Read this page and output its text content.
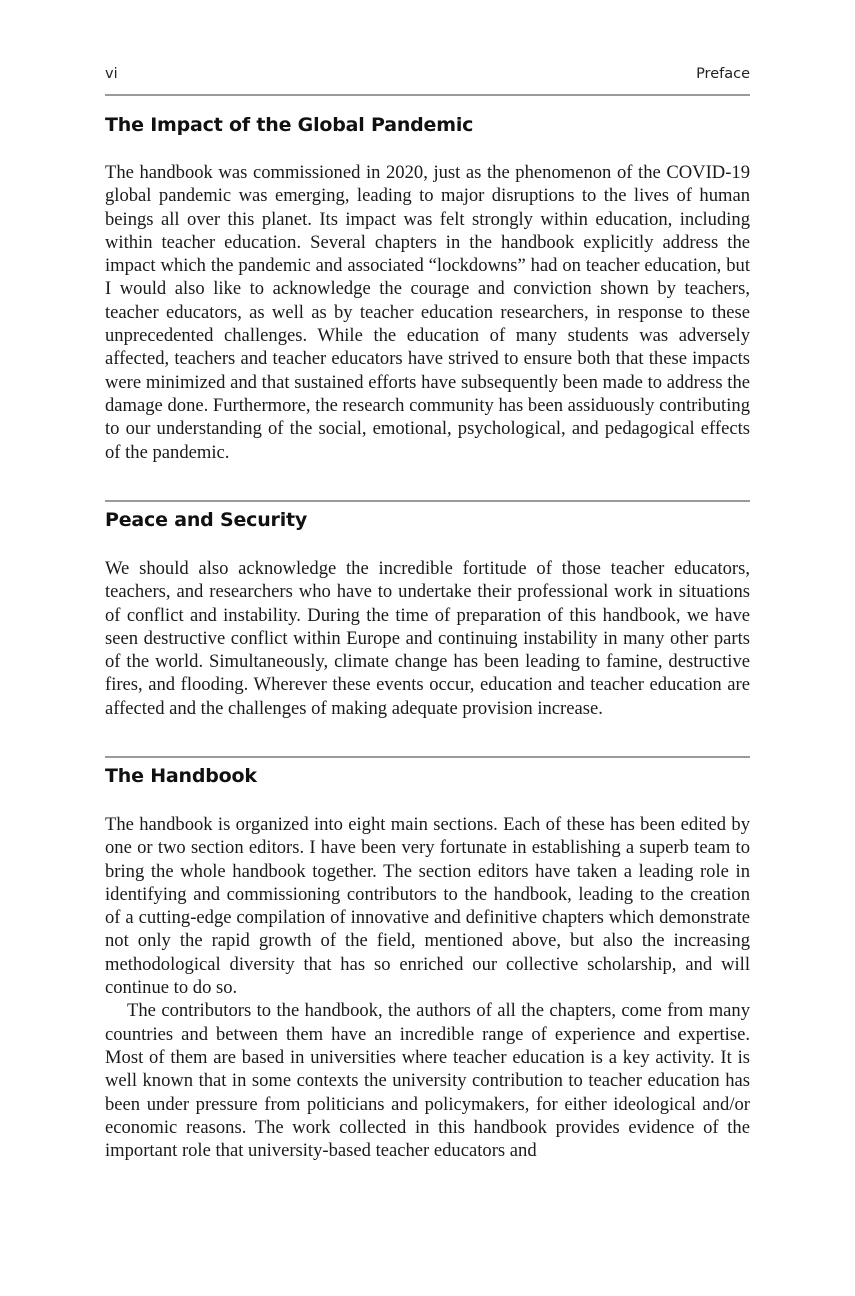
vi	Preface
The Impact of the Global Pandemic

The handbook was commissioned in 2020, just as the phenomenon of the COVID-19 global pandemic was emerging, leading to major disruptions to the lives of human beings all over this planet. Its impact was felt strongly within education, including within teacher education. Several chapters in the handbook explicitly address the impact which the pandemic and associated “lockdowns” had on teacher education, but I would also like to acknowledge the courage and conviction shown by teachers, teacher educators, as well as by teacher education researchers, in response to these unprecedented challenges. While the education of many students was adversely affected, teachers and teacher educators have strived to ensure both that these impacts were minimized and that sustained efforts have subsequently been made to address the damage done. Furthermore, the research community has been assiduously contributing to our understanding of the social, emotional, psychological, and pedagogical effects of the pandemic.

Peace and Security

We should also acknowledge the incredible fortitude of those teacher educators, teachers, and researchers who have to undertake their professional work in situations of conflict and instability. During the time of preparation of this handbook, we have seen destructive conflict within Europe and continuing instability in many other parts of the world. Simultaneously, climate change has been leading to famine, destructive fires, and flooding. Wherever these events occur, education and teacher education are affected and the challenges of making adequate provision increase.

The Handbook

The handbook is organized into eight main sections. Each of these has been edited by one or two section editors. I have been very fortunate in establishing a superb team to bring the whole handbook together. The section editors have taken a leading role in identifying and commissioning contributors to the handbook, leading to the creation of a cutting-edge compilation of innovative and definitive chapters which demonstrate not only the rapid growth of the field, mentioned above, but also the increasing methodological diversity that has so enriched our collective scholarship, and will continue to do so.

The contributors to the handbook, the authors of all the chapters, come from many countries and between them have an incredible range of experience and expertise. Most of them are based in universities where teacher education is a key activity. It is well known that in some contexts the university contribution to teacher education has been under pressure from politicians and policymakers, for either ideological and/or economic reasons. The work collected in this handbook provides evidence of the important role that university-based teacher educators and
